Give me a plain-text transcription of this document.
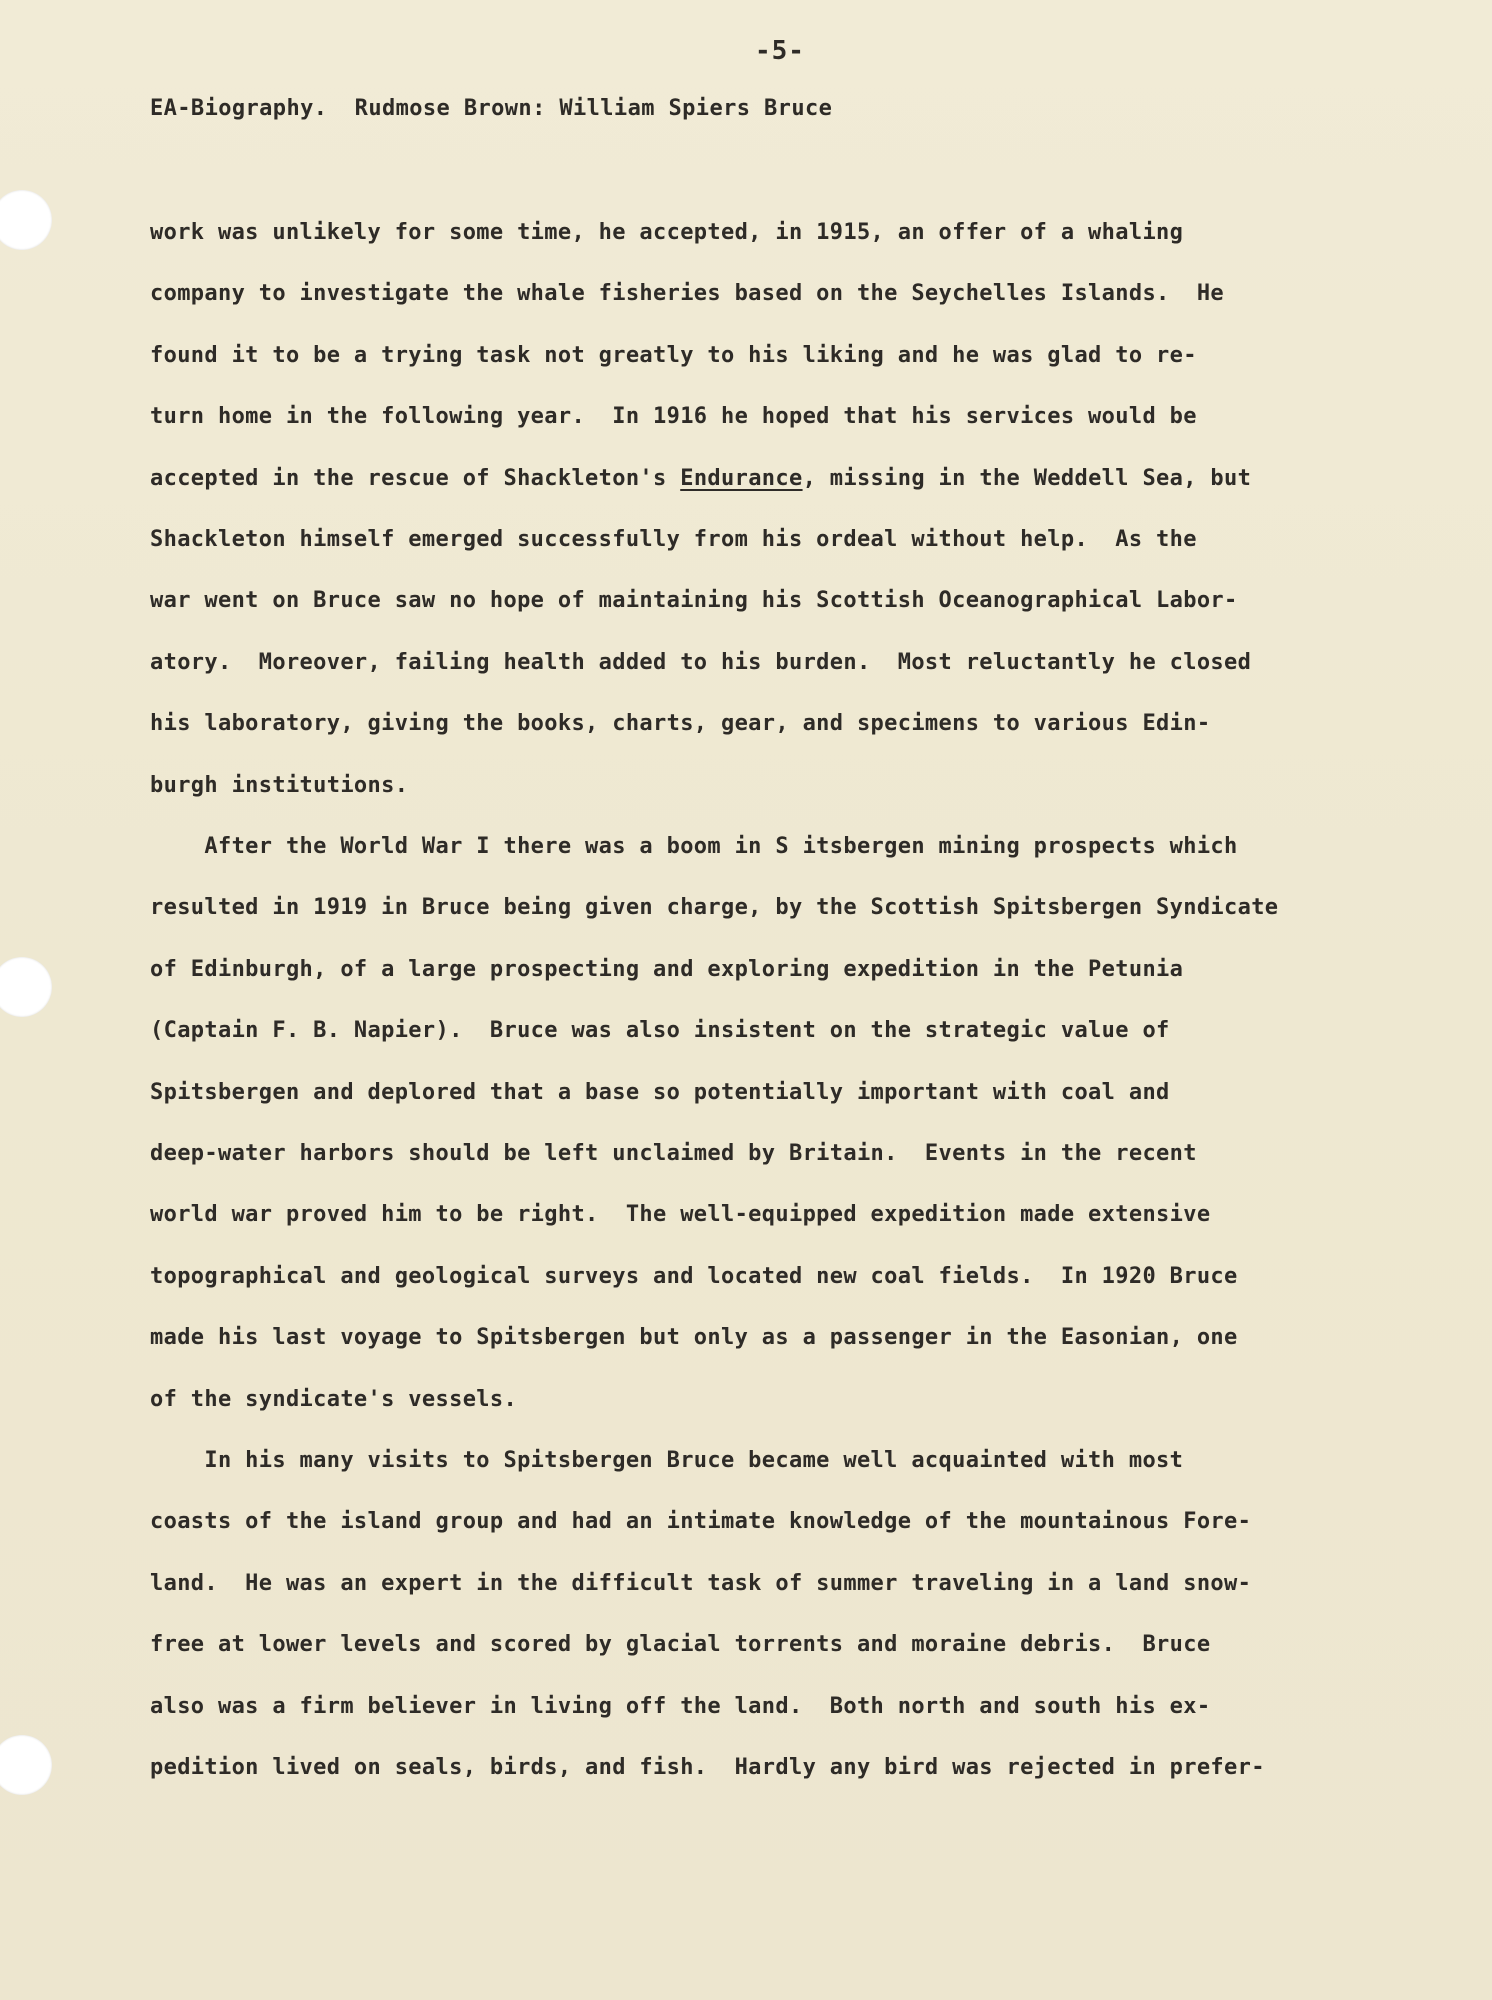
-5-
EA-Biography.  Rudmose Brown: William Spiers Bruce
work was unlikely for some time, he accepted, in 1915, an offer of a whaling
company to investigate the whale fisheries based on the Seychelles Islands.  He
found it to be a trying task not greatly to his liking and he was glad to re-
turn home in the following year.  In 1916 he hoped that his services would be
accepted in the rescue of Shackleton's Endurance, missing in the Weddell Sea, but
Shackleton himself emerged successfully from his ordeal without help.  As the
war went on Bruce saw no hope of maintaining his Scottish Oceanographical Labor-
atory.  Moreover, failing health added to his burden.  Most reluctantly he closed
his laboratory, giving the books, charts, gear, and specimens to various Edin-
burgh institutions.
After the World War I there was a boom in S itsbergen mining prospects which
resulted in 1919 in Bruce being given charge, by the Scottish Spitsbergen Syndicate
of Edinburgh, of a large prospecting and exploring expedition in the Petunia
(Captain F. B. Napier).  Bruce was also insistent on the strategic value of
Spitsbergen and deplored that a base so potentially important with coal and
deep-water harbors should be left unclaimed by Britain.  Events in the recent
world war proved him to be right.  The well-equipped expedition made extensive
topographical and geological surveys and located new coal fields.  In 1920 Bruce
made his last voyage to Spitsbergen but only as a passenger in the Easonian, one
of the syndicate's vessels.
In his many visits to Spitsbergen Bruce became well acquainted with most
coasts of the island group and had an intimate knowledge of the mountainous Fore-
land.  He was an expert in the difficult task of summer traveling in a land snow-
free at lower levels and scored by glacial torrents and moraine debris.  Bruce
also was a firm believer in living off the land.  Both north and south his ex-
pedition lived on seals, birds, and fish.  Hardly any bird was rejected in prefer-
